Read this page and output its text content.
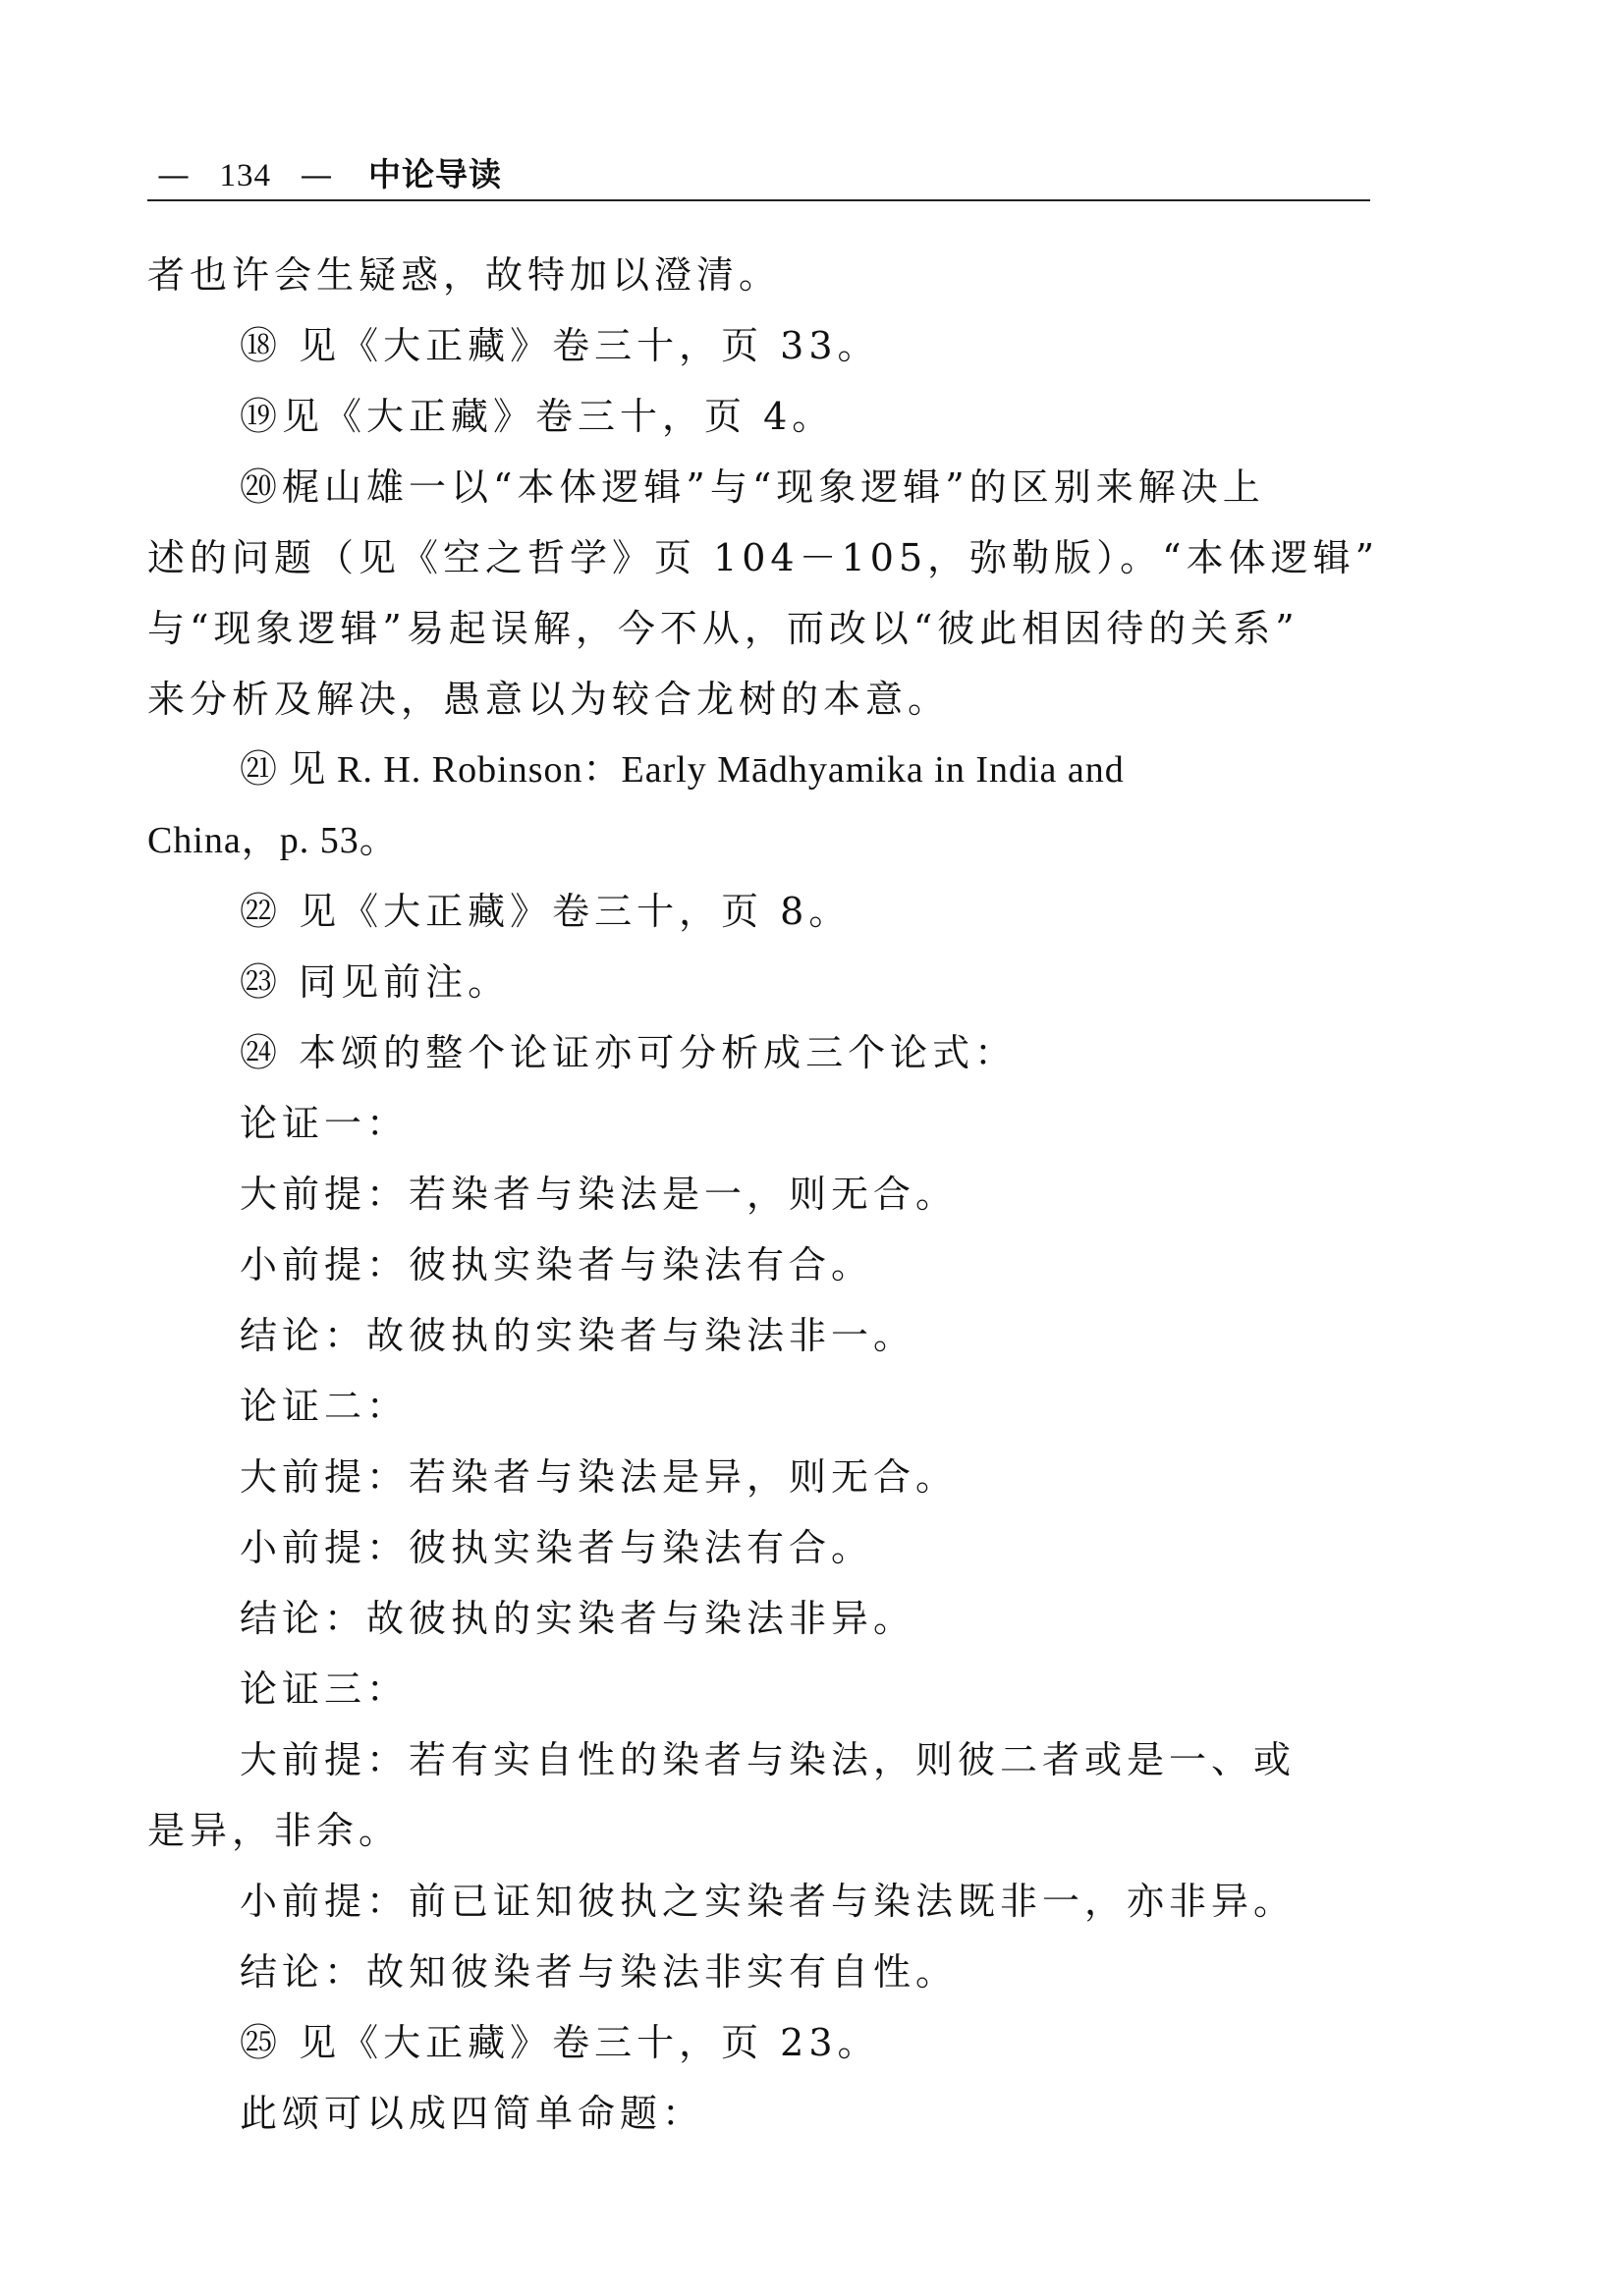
— 134 — 中论导读
者也许会生疑惑，故特加以澄清。
⑱ 见《大正藏》卷三十，页 33。
⑲见《大正藏》卷三十，页 4。
⑳梶山雄一以“本体逻辑”与“现象逻辑”的区别来解决上
述的问题（见《空之哲学》页 104－105，弥勒版）。“本体逻辑”
与“现象逻辑”易起误解，今不从，而改以“彼此相因待的关系”
来分析及解决，愚意以为较合龙树的本意。
㉑ 见 R. H. Robinson：Early Mādhyamika in India and
China，p. 53。
㉒ 见《大正藏》卷三十，页 8。
㉓ 同见前注。
㉔ 本颂的整个论证亦可分析成三个论式：
论证一：
大前提：若染者与染法是一，则无合。
小前提：彼执实染者与染法有合。
结论：故彼执的实染者与染法非一。
论证二：
大前提：若染者与染法是异，则无合。
小前提：彼执实染者与染法有合。
结论：故彼执的实染者与染法非异。
论证三：
大前提：若有实自性的染者与染法，则彼二者或是一、或
是异，非余。
小前提：前已证知彼执之实染者与染法既非一，亦非异。
结论：故知彼染者与染法非实有自性。
㉕ 见《大正藏》卷三十，页 23。
此颂可以成四简单命题：
